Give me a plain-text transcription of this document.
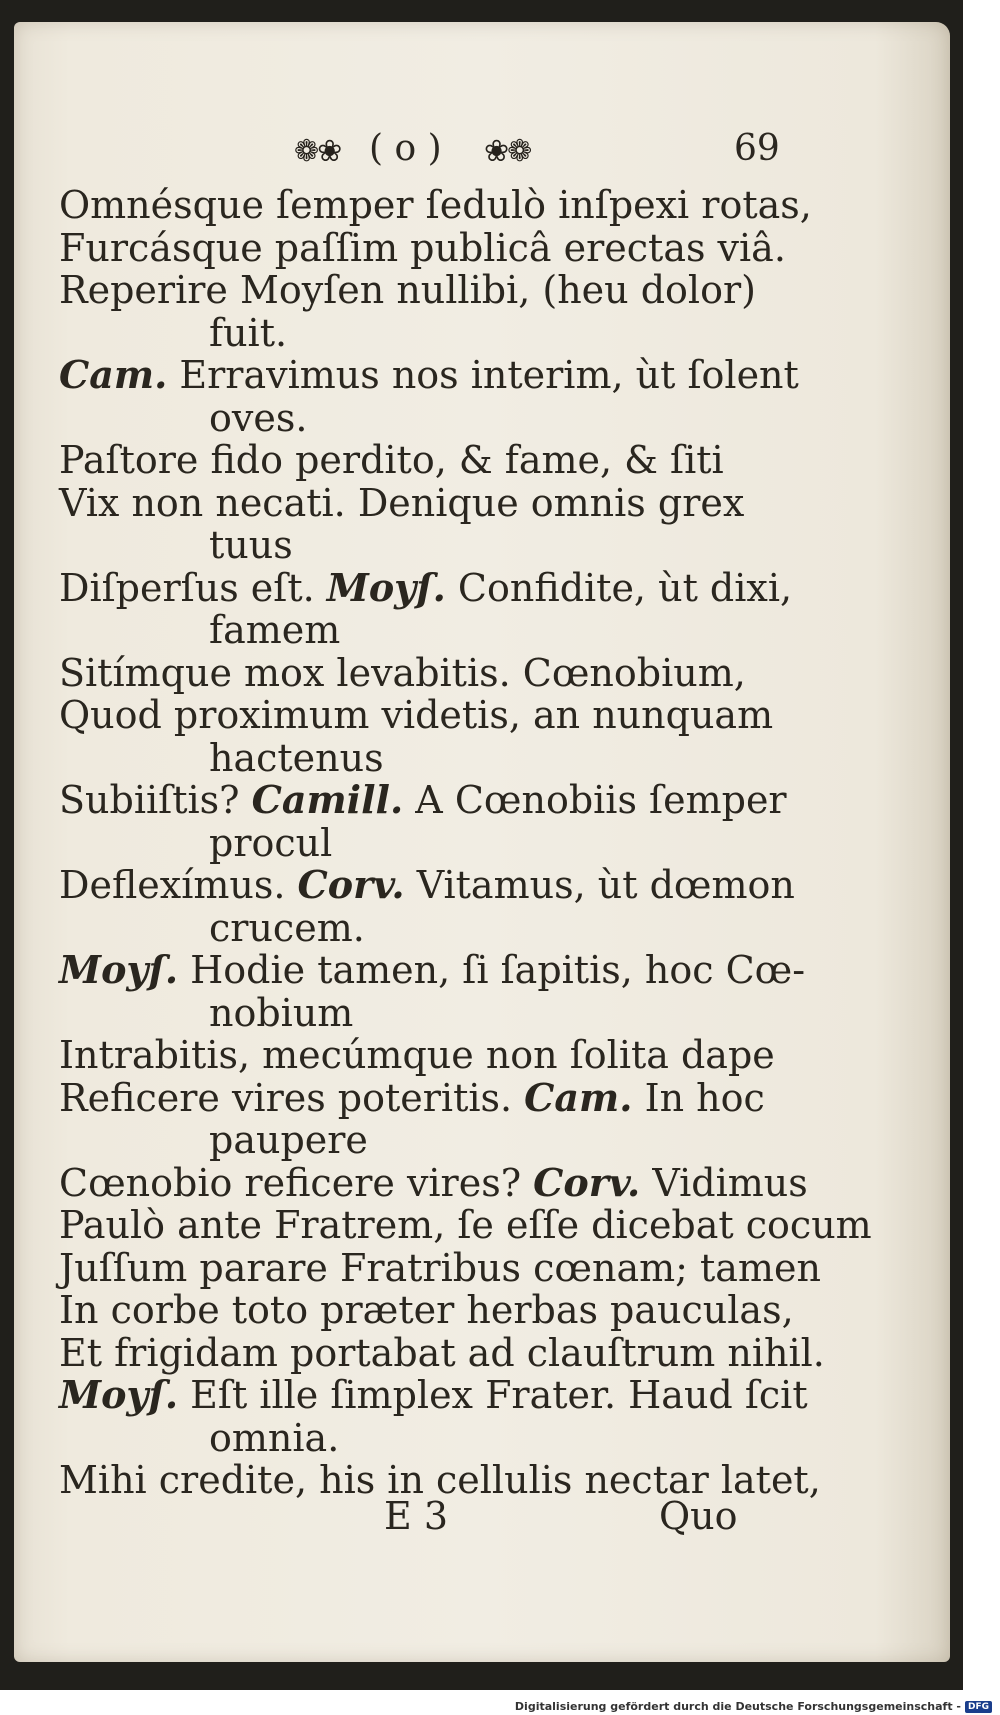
❁❀ ( o ) ❀❁	69
Omnésque ſemper ſedulò inſpexi rotas,
Furcásque paſſim publicâ erectas viâ.
Reperire Moyſen nullibi, (heu dolor)
fuit.
Cam. Erravimus nos interim, ùt ſolent
oves.
Paſtore fido perdito, & fame, & ſiti
Vix non necati. Denique omnis grex
tuus
Diſperſus eſt. Moyſ. Confidite, ùt dixi,
famem
Sitímque mox levabitis. Cœnobium,
Quod proximum videtis, an nunquam
hactenus
Subiiſtis? Camill. A Cœnobiis ſemper
procul
Deflexímus. Corv. Vitamus, ùt dœmon
crucem.
Moyſ. Hodie tamen, ſi ſapitis, hoc Cœ-
nobium
Intrabitis, mecúmque non ſolita dape
Reficere vires poteritis. Cam. In hoc
paupere
Cœnobio reficere vires? Corv. Vidimus
Paulò ante Fratrem, ſe eſſe dicebat cocum
Juſſum parare Fratribus cœnam; tamen
In corbe toto præter herbas pauculas,
Et frigidam portabat ad clauſtrum nihil.
Moyſ. Eſt ille ſimplex Frater. Haud ſcit
omnia.
Mihi credite, his in cellulis nectar latet,
E 3	Quo
Digitalisierung gefördert durch die Deutsche Forschungsgemeinschaft - DFG
